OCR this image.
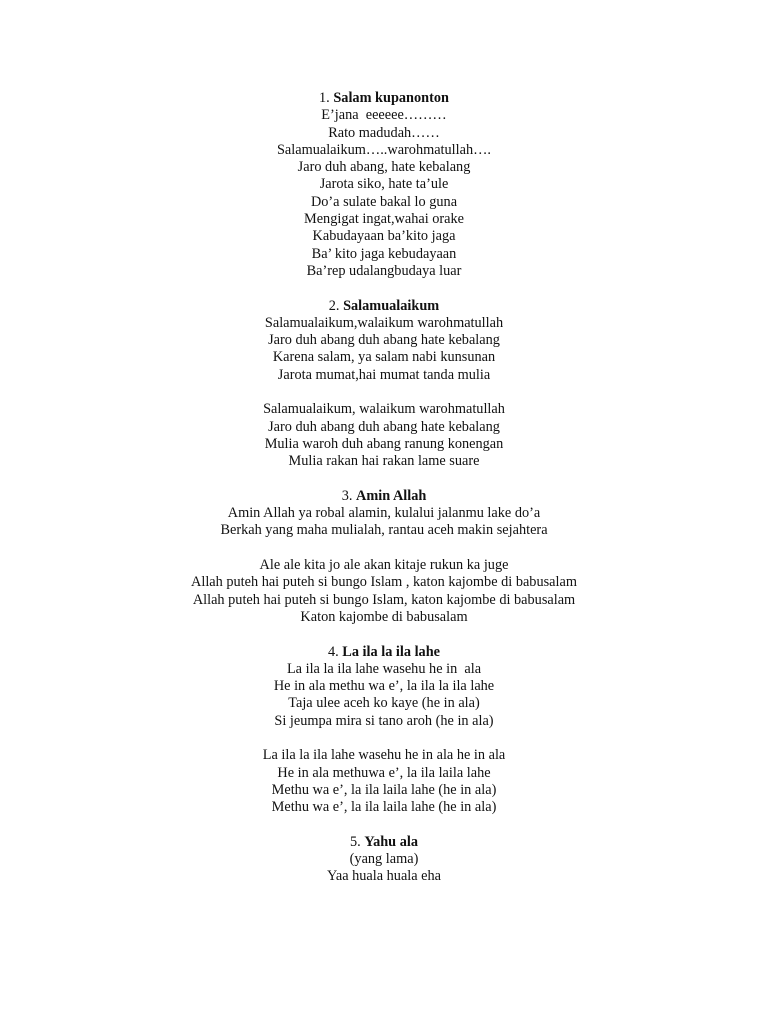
1. Salam kupanonton
E’jana  eeeeee………
Rato madudah……
Salamualaikum…..warohmatullah….
Jaro duh abang, hate kebalang
Jarota siko, hate ta’ule
Do’a sulate bakal lo guna
Mengigat ingat,wahai orake
Kabudayaan ba’kito jaga
Ba’ kito jaga kebudayaan
Ba’rep udalangbudaya luar
2. Salamualaikum
Salamualaikum,walaikum warohmatullah
Jaro duh abang duh abang hate kebalang
Karena salam, ya salam nabi kunsunan
Jarota mumat,hai mumat tanda mulia
Salamualaikum, walaikum warohmatullah
Jaro duh abang duh abang hate kebalang
Mulia waroh duh abang ranung konengan
Mulia rakan hai rakan lame suare
3. Amin Allah
Amin Allah ya robal alamin, kulalui jalanmu lake do’a
Berkah yang maha mulialah, rantau aceh makin sejahtera
Ale ale kita jo ale akan kitaje rukun ka juge
Allah puteh hai puteh si bungo Islam , katon kajombe di babusalam
Allah puteh hai puteh si bungo Islam, katon kajombe di babusalam
Katon kajombe di babusalam
4. La ila la ila lahe
La ila la ila lahe wasehu he in  ala
He in ala methu wa e’, la ila la ila lahe
Taja ulee aceh ko kaye (he in ala)
Si jeumpa mira si tano aroh (he in ala)
La ila la ila lahe wasehu he in ala he in ala
He in ala methuwa e’, la ila laila lahe
Methu wa e’, la ila laila lahe (he in ala)
Methu wa e’, la ila laila lahe (he in ala)
5. Yahu ala
(yang lama)
Yaa huala huala eha
